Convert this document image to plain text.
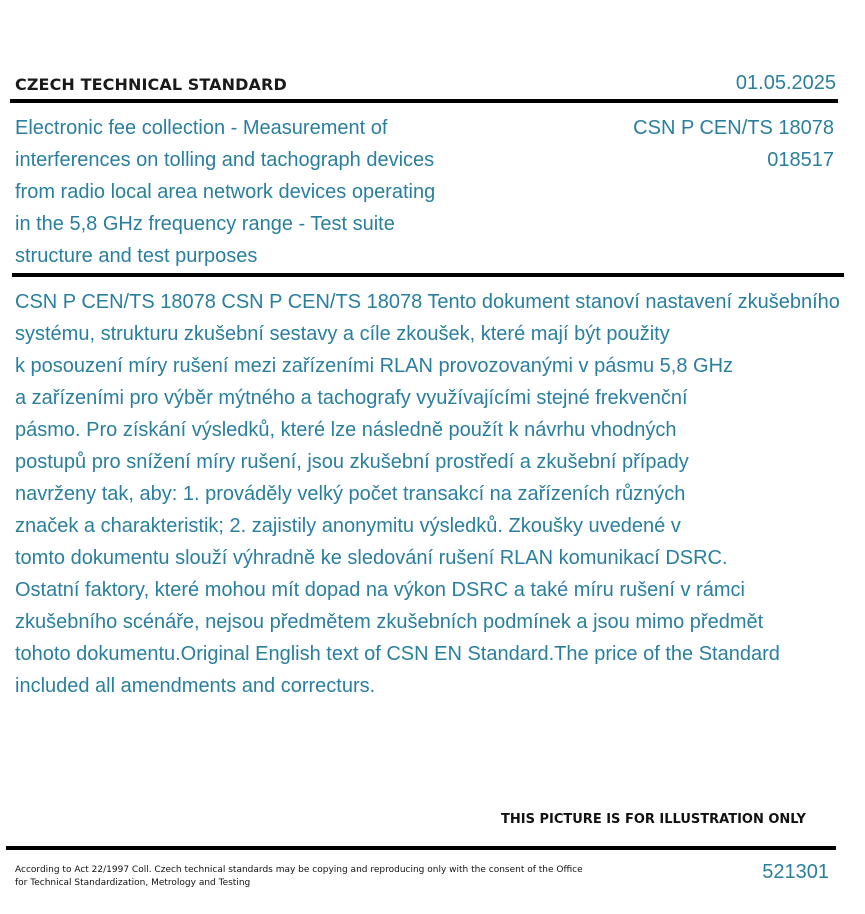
CZECH TECHNICAL STANDARD	01.05.2025
Electronic fee collection - Measurement of
interferences on tolling and tachograph devices
from radio local area network devices operating
in the 5,8 GHz frequency range - Test suite
structure and test purposes
CSN P CEN/TS 18078
018517
CSN P CEN/TS 18078 CSN P CEN/TS 18078 Tento dokument stanoví nastavení zkušebního
systému, strukturu zkušební sestavy a cíle zkoušek, které mají být použity
k posouzení míry rušení mezi zařízeními RLAN provozovanými v pásmu 5,8 GHz
a zařízeními pro výběr mýtného a tachografy využívajícími stejné frekvenční
pásmo. Pro získání výsledků, které lze následně použít k návrhu vhodných
postupů pro snížení míry rušení, jsou zkušební prostředí a zkušební případy
navrženy tak, aby: 1. prováděly velký počet transakcí na zařízeních různých
značek a charakteristik; 2. zajistily anonymitu výsledků. Zkoušky uvedené v
tomto dokumentu slouží výhradně ke sledování rušení RLAN komunikací DSRC.
Ostatní faktory, které mohou mít dopad na výkon DSRC a také míru rušení v rámci
zkušebního scénáře, nejsou předmětem zkušebních podmínek a jsou mimo předmět
tohoto dokumentu.Original English text of CSN EN Standard.The price of the Standard
included all amendments and correcturs.
THIS PICTURE IS FOR ILLUSTRATION ONLY
According to Act 22/1997 Coll. Czech technical standards may be copying and reproducing only with the consent of the Office
for Technical Standardization, Metrology and Testing	521301
